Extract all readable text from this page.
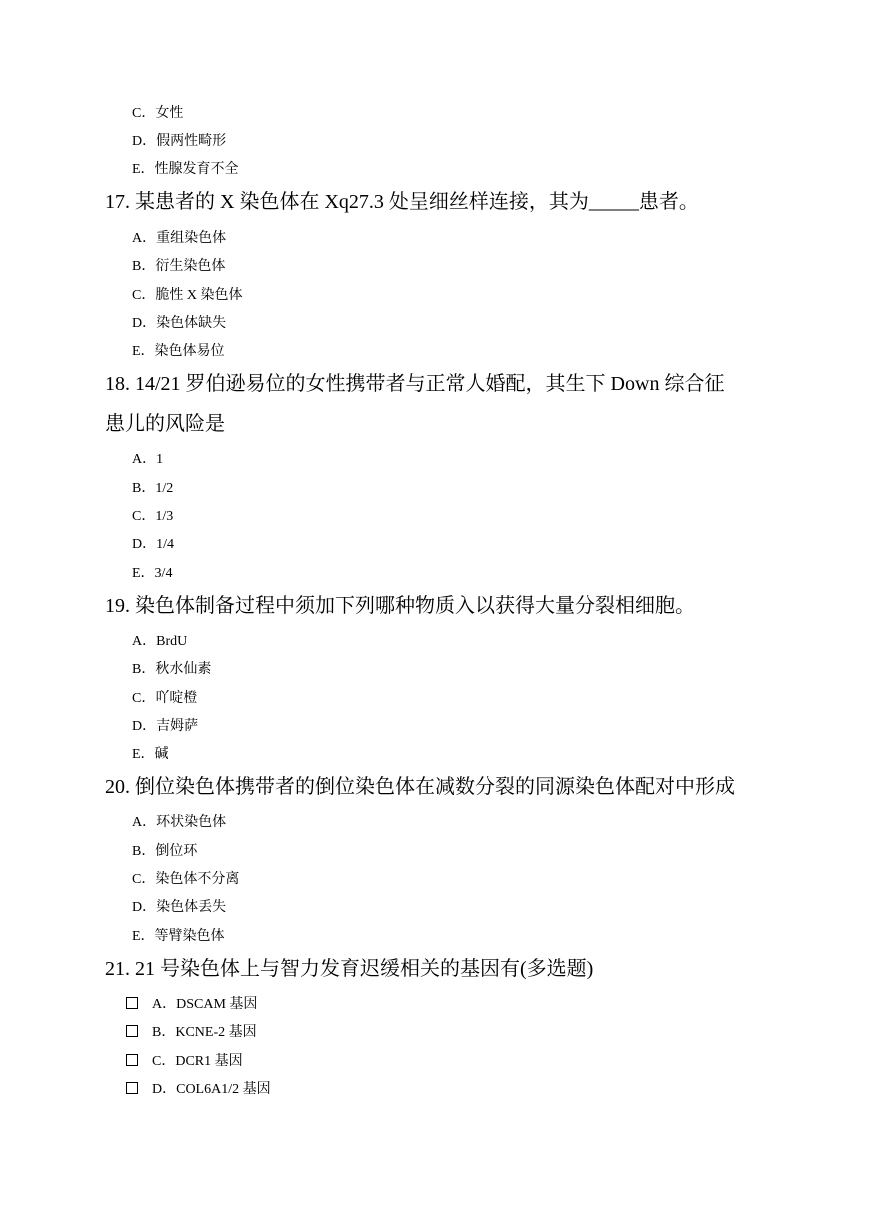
C．女性
D．假两性畸形
E．性腺发育不全
17. 某患者的 X 染色体在 Xq27.3 处呈细丝样连接，其为_____患者。
A．重组染色体
B．衍生染色体
C．脆性 X 染色体
D．染色体缺失
E．染色体易位
18. 14/21 罗伯逊易位的女性携带者与正常人婚配，其生下 Down 综合征
患儿的风险是
A．1
B．1/2
C．1/3
D．1/4
E．3/4
19. 染色体制备过程中须加下列哪种物质入以获得大量分裂相细胞。
A．BrdU
B．秋水仙素
C．吖啶橙
D．吉姆萨
E．碱
20. 倒位染色体携带者的倒位染色体在减数分裂的同源染色体配对中形成
A．环状染色体
B．倒位环
C．染色体不分离
D．染色体丢失
E．等臂染色体
21. 21 号染色体上与智力发育迟缓相关的基因有(多选题)
A．DSCAM 基因
B．KCNE-2 基因
C．DCR1 基因
D．COL6A1/2 基因
